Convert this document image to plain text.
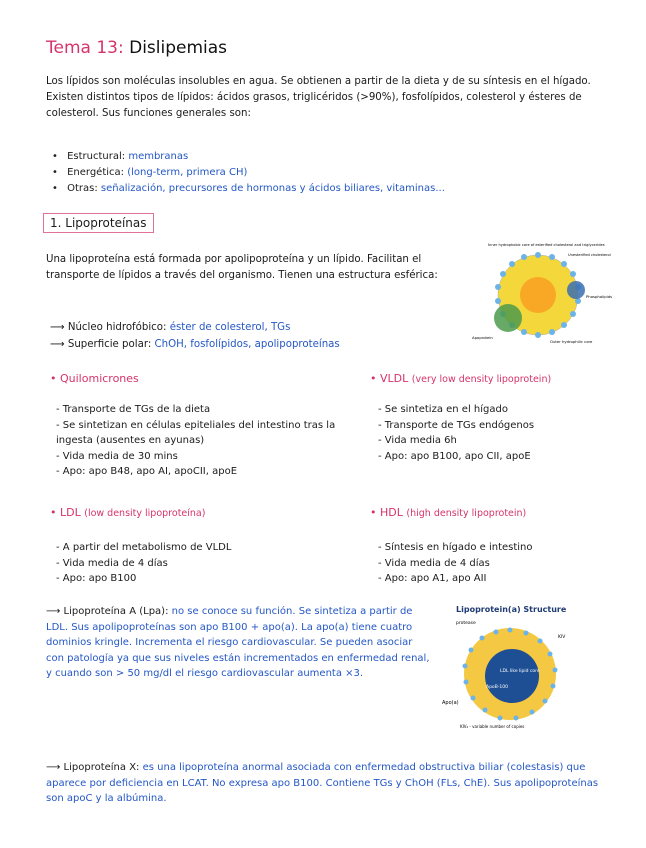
Tema 13: Dislipemias
Los lípidos son moléculas insolubles en agua. Se obtienen a partir de la dieta y de su síntesis en el hígado. Existen distintos tipos de lípidos: ácidos grasos, triglicéridos (>90%), fosfolípidos, colesterol y ésteres de colesterol. Sus funciones generales son:
• Estructural: membranas
• Energética: (long-term, primera CH)
• Otras: señalización, precursores de hormonas y ácidos biliares, vitaminas...
1. Lipoproteínas
Una lipoproteína está formada por apolipoproteína y un lípido. Facilitan el transporte de lípidos a través del organismo. Tienen una estructura esférica:
⟶ Núcleo hidrofóbico: éster de colesterol, TGs
⟶ Superficie polar: ChOH, fosfolípidos, apolipoproteínas
Inner hydrophobic core of esterified cholesterol and triglycerides
Unesterified cholesterol
Phospholipids
Apoprotein
Outer hydrophilic core
• Quilomicrones
- Transporte de TGs de la dieta
- Se sintetizan en células epiteliales del intestino tras la ingesta (ausentes en ayunas)
- Vida media de 30 mins
- Apo: apo B48, apo AI, apoCII, apoE
• VLDL (very low density lipoprotein)
- Se sintetiza en el hígado
- Transporte de TGs endógenos
- Vida media 6h
- Apo: apo B100, apo CII, apoE
• LDL (low density lipoproteína)
- A partir del metabolismo de VLDL
- Vida media de 4 días
- Apo: apo B100
• HDL (high density lipoprotein)
- Síntesis en hígado e intestino
- Vida media de 4 días
- Apo: apo A1, apo AII
⟶ Lipoproteína A (Lpa): no se conoce su función. Se sintetiza a partir de LDL. Sus apolipoproteínas son apo B100 + apo(a). La apo(a) tiene cuatro dominios kringle. Incrementa el riesgo cardiovascular. Se pueden asociar con patología ya que sus niveles están incrementados en enfermedad renal, y cuando son > 50 mg/dl el riesgo cardiovascular aumenta ×3.
Lipoprotein(a) Structure
LDL like lipid core
ApoB-100
protease
KIV
Apo(a)
KIV₂ - variable number of copies
⟶ Lipoproteína X: es una lipoproteína anormal asociada con enfermedad obstructiva biliar (colestasis) que aparece por deficiencia en LCAT. No expresa apo B100. Contiene TGs y ChOH (FLs, ChE). Sus apolipoproteínas son apoC y la albúmina.
